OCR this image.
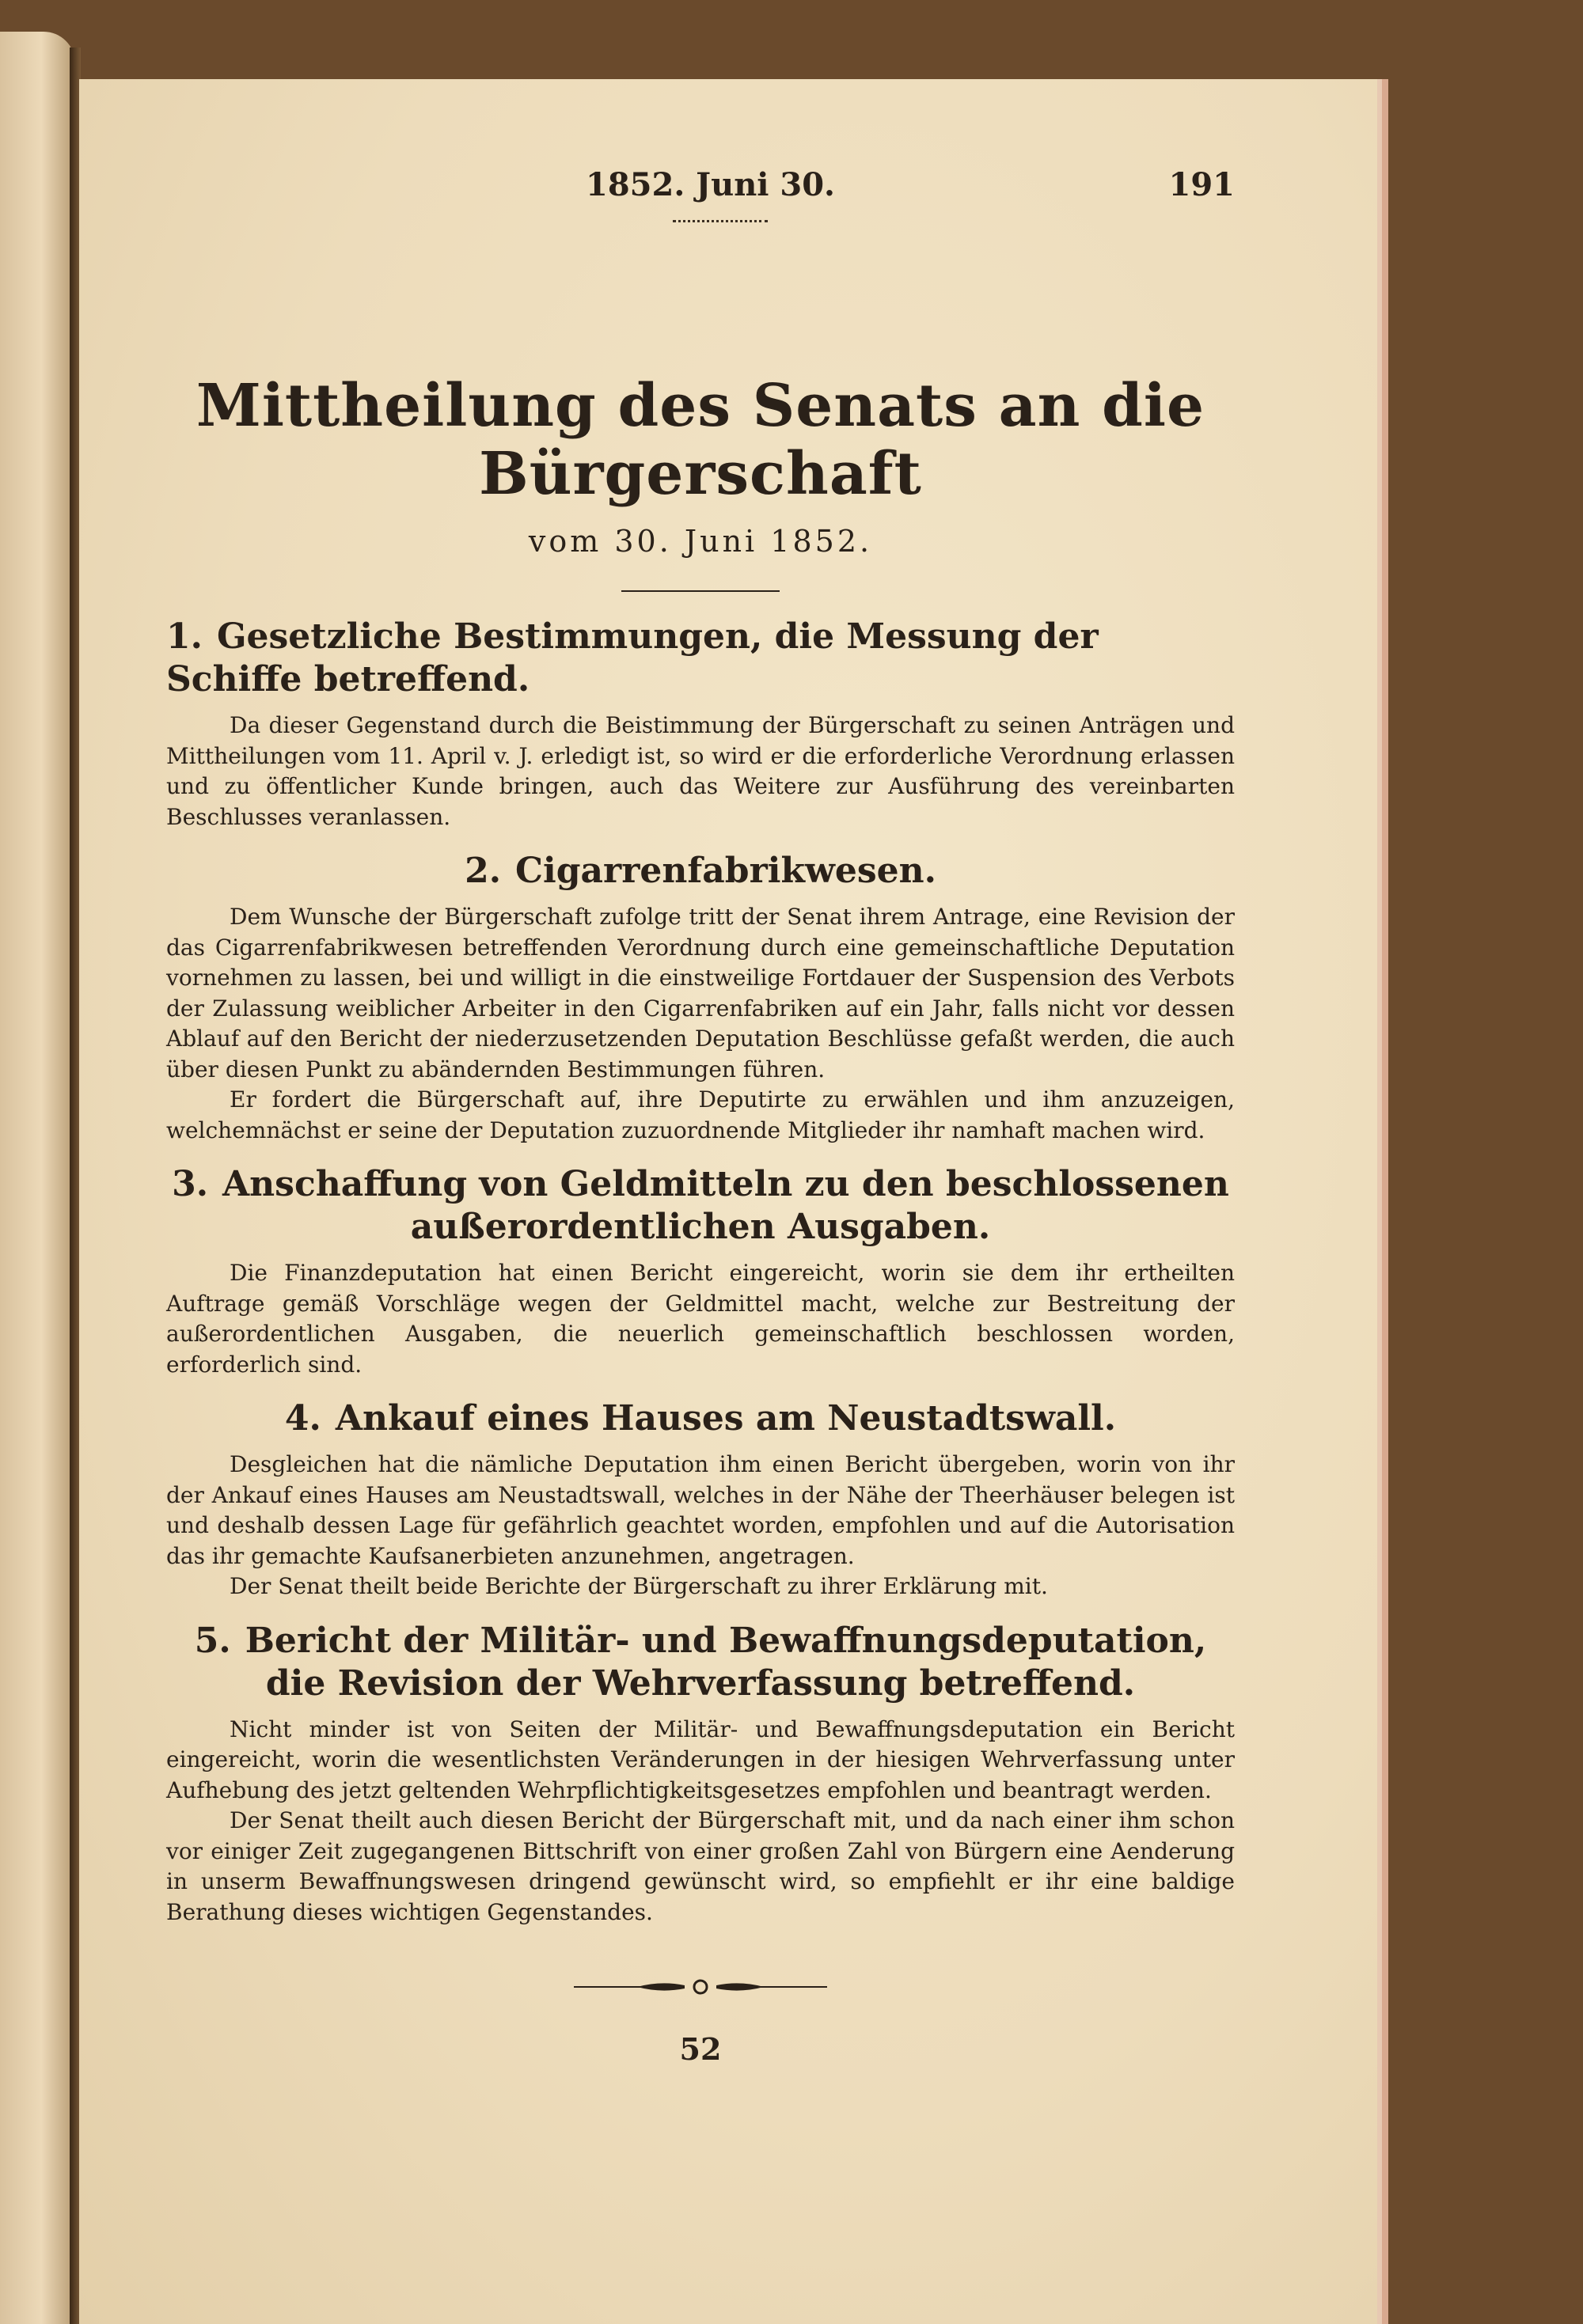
1852. Juni 30.	191
Mittheilung des Senats an die Bürgerschaft
vom 30. Juni 1852.
1. Gesetzliche Bestimmungen, die Messung der Schiffe betreffend.

Da dieser Gegenstand durch die Beistimmung der Bürgerschaft zu seinen Anträgen und Mittheilungen vom 11. April v. J. erledigt ist, so wird er die erforderliche Verordnung erlassen und zu öffentlicher Kunde bringen, auch das Weitere zur Ausführung des vereinbarten Beschlusses veranlassen.

2. Cigarrenfabrikwesen.

Dem Wunsche der Bürgerschaft zufolge tritt der Senat ihrem Antrage, eine Revision der das Cigarrenfabrikwesen betreffenden Verordnung durch eine gemeinschaftliche Deputation vornehmen zu lassen, bei und willigt in die einstweilige Fortdauer der Suspension des Verbots der Zulassung weiblicher Arbeiter in den Cigarrenfabriken auf ein Jahr, falls nicht vor dessen Ablauf auf den Bericht der niederzusetzenden Deputation Beschlüsse gefaßt werden, die auch über diesen Punkt zu abändernden Bestimmungen führen.

Er fordert die Bürgerschaft auf, ihre Deputirte zu erwählen und ihm anzuzeigen, welchemnächst er seine der Deputation zuzuordnende Mitglieder ihr namhaft machen wird.

3. Anschaffung von Geldmitteln zu den beschlossenen außerordentlichen Ausgaben.

Die Finanzdeputation hat einen Bericht eingereicht, worin sie dem ihr ertheilten Auftrage gemäß Vorschläge wegen der Geldmittel macht, welche zur Bestreitung der außerordentlichen Ausgaben, die neuerlich gemeinschaftlich beschlossen worden, erforderlich sind.

4. Ankauf eines Hauses am Neustadtswall.

Desgleichen hat die nämliche Deputation ihm einen Bericht übergeben, worin von ihr der Ankauf eines Hauses am Neustadtswall, welches in der Nähe der Theerhäuser belegen ist und deshalb dessen Lage für gefährlich geachtet worden, empfohlen und auf die Autorisation das ihr gemachte Kaufsanerbieten anzunehmen, angetragen.

Der Senat theilt beide Berichte der Bürgerschaft zu ihrer Erklärung mit.

5. Bericht der Militär- und Bewaffnungsdeputation, die Revision der Wehrverfassung betreffend.

Nicht minder ist von Seiten der Militär- und Bewaffnungsdeputation ein Bericht eingereicht, worin die wesentlichsten Veränderungen in der hiesigen Wehrverfassung unter Aufhebung des jetzt geltenden Wehrpflichtigkeitsgesetzes empfohlen und beantragt werden.

Der Senat theilt auch diesen Bericht der Bürgerschaft mit, und da nach einer ihm schon vor einiger Zeit zugegangenen Bittschrift von einer großen Zahl von Bürgern eine Aenderung in unserm Bewaffnungswesen dringend gewünscht wird, so empfiehlt er ihr eine baldige Berathung dieses wichtigen Gegenstandes.

52
